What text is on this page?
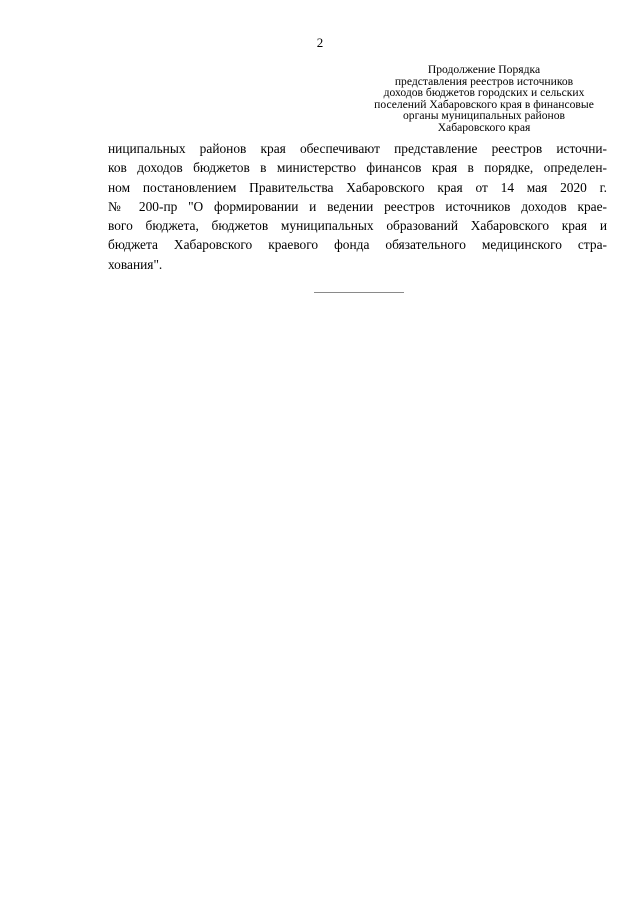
2
Продолжение Порядка
представления реестров источников
доходов бюджетов городских и сельских
поселений Хабаровского края в финансовые
органы муниципальных районов
Хабаровского края
ниципальных районов края обеспечивают представление реестров источни-
ков доходов бюджетов в министерство финансов края в порядке, определен-
ном постановлением Правительства Хабаровского края от 14 мая 2020 г.
№ 200-пр "О формировании и ведении реестров источников доходов крае-
вого бюджета, бюджетов муниципальных образований Хабаровского края и
бюджета Хабаровского краевого фонда обязательного медицинского стра-
хования".
